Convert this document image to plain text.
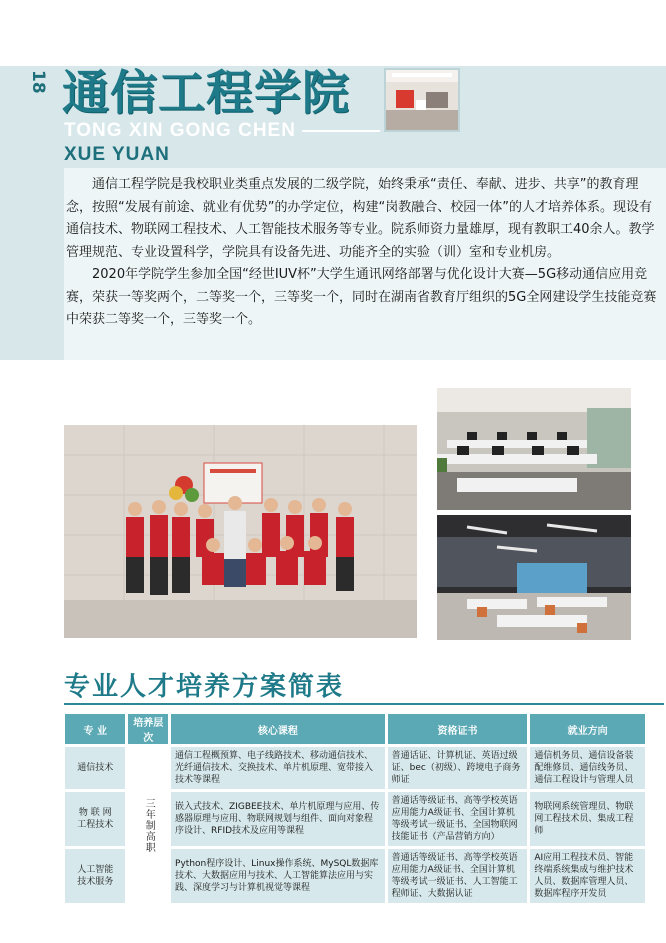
18 通信工程学院
TONG XIN GONG CHEN
XUE YUAN

通信工程学院是我校职业类重点发展的二级学院，始终秉承“责任、奉献、进步、共享”的教育理念，按照“发展有前途、就业有优势”的办学定位，构建“岗教融合、校园一体”的人才培养体系。现设有通信技术、物联网工程技术、人工智能技术服务等专业。院系师资力量雄厚，现有教职工40余人。教学管理规范、专业设置科学，学院具有设备先进、功能齐全的实验（训）室和专业机房。

2020年学院学生参加全国“经世IUV杯”大学生通讯网络部署与优化设计大赛—5G移动通信应用竞赛，荣获一等奖两个，二等奖一个，三等奖一个，同时在湖南省教育厅组织的5G全网建设学生技能竞赛中荣获二等奖一个，三等奖一个。

专业人才培养方案简表
专 业	培养层次	核心课程	资格证书	就业方向
通信技术	三年制高职	通信工程概预算、电子线路技术、移动通信技术、光纤通信技术、交换技术、单片机原理、宽带接入技术等课程	普通话证、计算机证、英语过级证、bec（初级）、跨境电子商务师证	通信机务员、通信设备装配维修员、通信线务员、通信工程设计与管理人员
物 联 网
工程技术		嵌入式技术、ZIGBEE技术、单片机原理与应用、传感器原理与应用、物联网规划与组件、面向对象程序设计、RFID技术及应用等课程	普通话等级证书、高等学校英语应用能力A级证书、全国计算机等级考试一级证书、全国物联网技能证书（产品营销方向）	物联网系统管理员、物联网工程技术员、集成工程师
人工智能
技术服务		Python程序设计、Linux操作系统、MySQL数据库技术、大数据应用与技术、人工智能算法应用与实践、深度学习与计算机视觉等课程	普通话等级证书、高等学校英语应用能力A级证书、全国计算机等级考试一级证书、人工智能工程师证、大数据认证	AI应用工程技术员、智能终端系统集成与维护技术人员、数据库管理人员、数据库程序开发员
